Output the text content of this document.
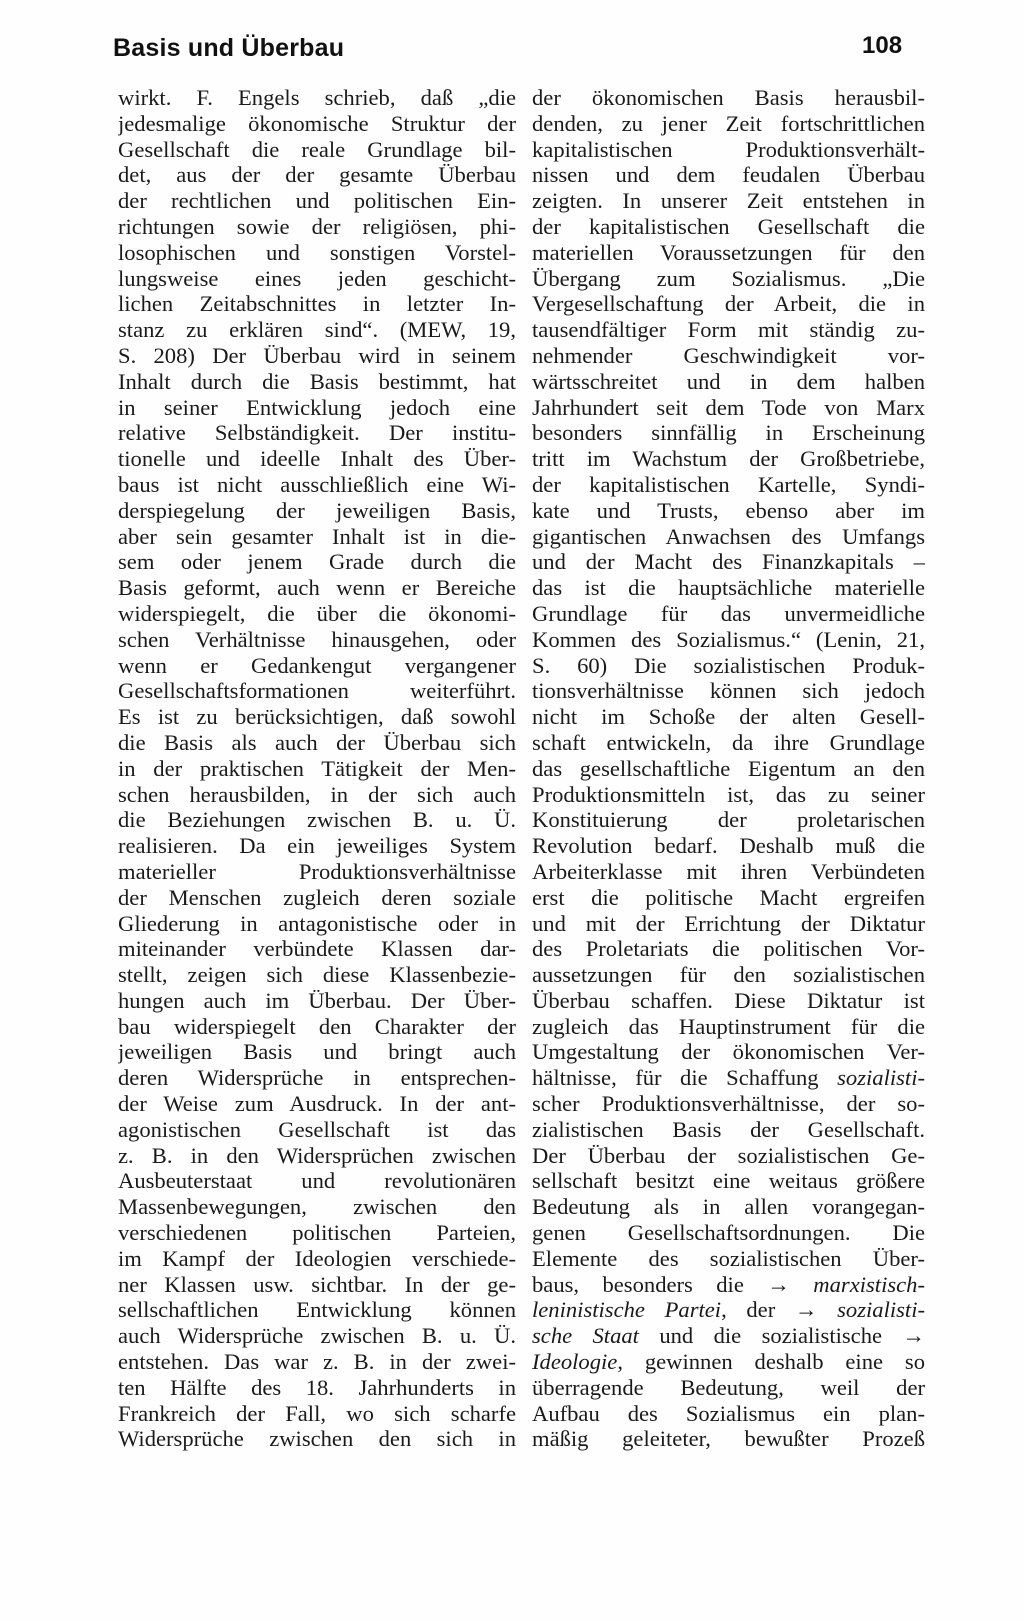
Basis und Überbau	108
wirkt. F. Engels schrieb, daß „die
jedesmalige ökonomische Struktur der
Gesellschaft die reale Grundlage bil-
det, aus der der gesamte Überbau
der rechtlichen und politischen Ein-
richtungen sowie der religiösen, phi-
losophischen und sonstigen Vorstel-
lungsweise eines jeden geschicht-
lichen Zeitabschnittes in letzter In-
stanz zu erklären sind“. (MEW, 19,
S. 208) Der Überbau wird in seinem
Inhalt durch die Basis bestimmt, hat
in seiner Entwicklung jedoch eine
relative Selbständigkeit. Der institu-
tionelle und ideelle Inhalt des Über-
baus ist nicht ausschließlich eine Wi-
derspiegelung der jeweiligen Basis,
aber sein gesamter Inhalt ist in die-
sem oder jenem Grade durch die
Basis geformt, auch wenn er Bereiche
widerspiegelt, die über die ökonomi-
schen Verhältnisse hinausgehen, oder
wenn er Gedankengut vergangener
Gesellschaftsformationen weiterführt.
Es ist zu berücksichtigen, daß sowohl
die Basis als auch der Überbau sich
in der praktischen Tätigkeit der Men-
schen herausbilden, in der sich auch
die Beziehungen zwischen B. u. Ü.
realisieren. Da ein jeweiliges System
materieller Produktionsverhältnisse
der Menschen zugleich deren soziale
Gliederung in antagonistische oder in
miteinander verbündete Klassen dar-
stellt, zeigen sich diese Klassenbezie-
hungen auch im Überbau. Der Über-
bau widerspiegelt den Charakter der
jeweiligen Basis und bringt auch
deren Widersprüche in entsprechen-
der Weise zum Ausdruck. In der ant-
agonistischen Gesellschaft ist das
z. B. in den Widersprüchen zwischen
Ausbeuterstaat und revolutionären
Massenbewegungen, zwischen den
verschiedenen politischen Parteien,
im Kampf der Ideologien verschiede-
ner Klassen usw. sichtbar. In der ge-
sellschaftlichen Entwicklung können
auch Widersprüche zwischen B. u. Ü.
entstehen. Das war z. B. in der zwei-
ten Hälfte des 18. Jahrhunderts in
Frankreich der Fall, wo sich scharfe
Widersprüche zwischen den sich in
der ökonomischen Basis herausbil-
denden, zu jener Zeit fortschrittlichen
kapitalistischen Produktionsverhält-
nissen und dem feudalen Überbau
zeigten. In unserer Zeit entstehen in
der kapitalistischen Gesellschaft die
materiellen Voraussetzungen für den
Übergang zum Sozialismus. „Die
Vergesellschaftung der Arbeit, die in
tausendfältiger Form mit ständig zu-
nehmender Geschwindigkeit vor-
wärtsschreitet und in dem halben
Jahrhundert seit dem Tode von Marx
besonders sinnfällig in Erscheinung
tritt im Wachstum der Großbetriebe,
der kapitalistischen Kartelle, Syndi-
kate und Trusts, ebenso aber im
gigantischen Anwachsen des Umfangs
und der Macht des Finanzkapitals –
das ist die hauptsächliche materielle
Grundlage für das unvermeidliche
Kommen des Sozialismus.“ (Lenin, 21,
S. 60) Die sozialistischen Produk-
tionsverhältnisse können sich jedoch
nicht im Schoße der alten Gesell-
schaft entwickeln, da ihre Grundlage
das gesellschaftliche Eigentum an den
Produktionsmitteln ist, das zu seiner
Konstituierung der proletarischen
Revolution bedarf. Deshalb muß die
Arbeiterklasse mit ihren Verbündeten
erst die politische Macht ergreifen
und mit der Errichtung der Diktatur
des Proletariats die politischen Vor-
aussetzungen für den sozialistischen
Überbau schaffen. Diese Diktatur ist
zugleich das Hauptinstrument für die
Umgestaltung der ökonomischen Ver-
hältnisse, für die Schaffung sozialisti-
scher Produktionsverhältnisse, der so-
zialistischen Basis der Gesellschaft.
Der Überbau der sozialistischen Ge-
sellschaft besitzt eine weitaus größere
Bedeutung als in allen vorangegan-
genen Gesellschaftsordnungen. Die
Elemente des sozialistischen Über-
baus, besonders die → marxistisch-
leninistische Partei, der → sozialisti-
sche Staat und die sozialistische →
Ideologie, gewinnen deshalb eine so
überragende Bedeutung, weil der
Aufbau des Sozialismus ein plan-
mäßig geleiteter, bewußter Prozeß
